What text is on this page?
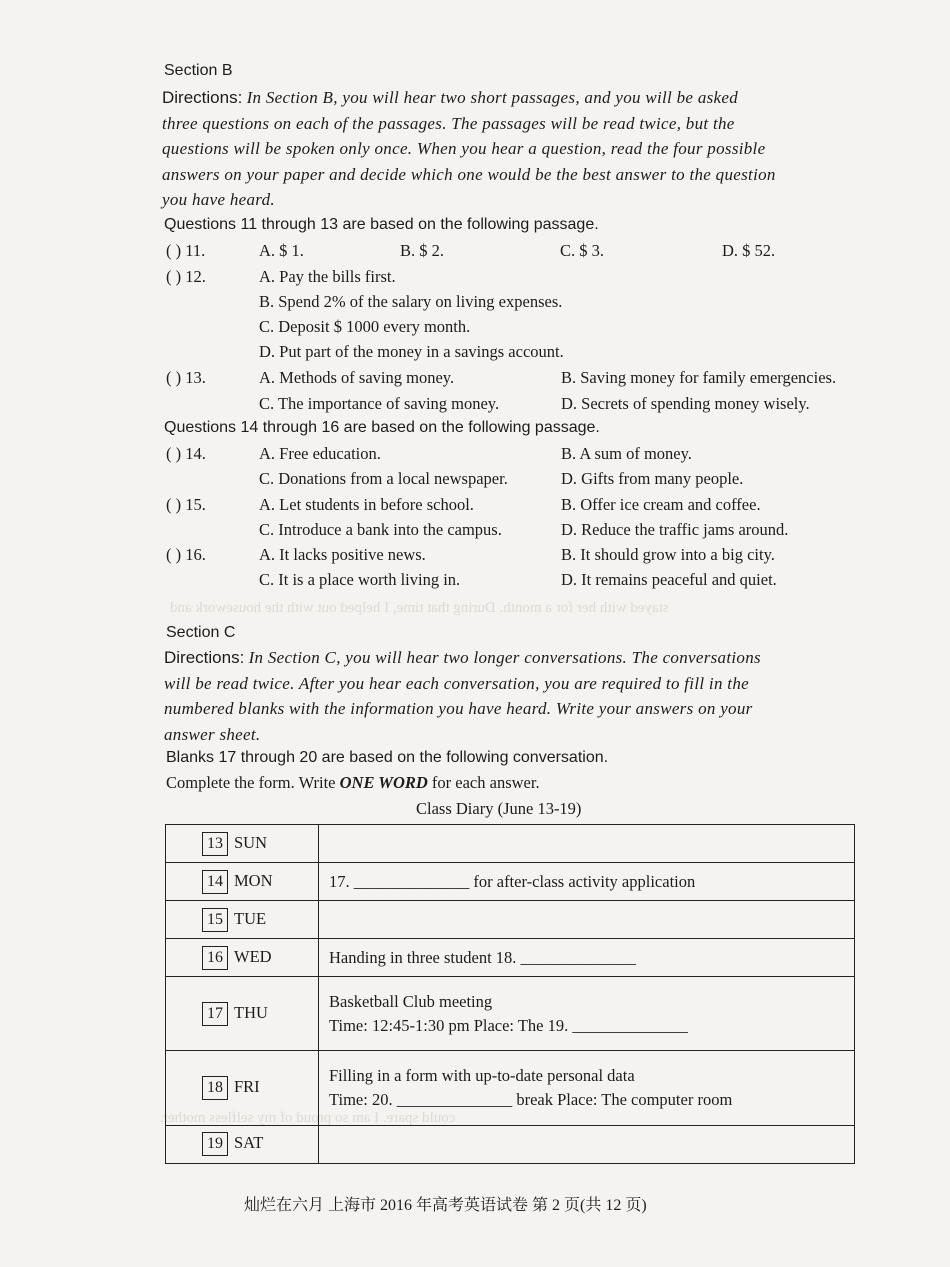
stayed with her for a month. During that time, I helped out with the housework and
could spare. I am so proud of my selfless mother.
Section B
Directions: In Section B, you will hear two short passages, and you will be asked
three questions on each of the passages. The passages will be read twice, but the
questions will be spoken only once. When you hear a question, read the four possible
answers on your paper and decide which one would be the best answer to the question
you have heard.
Questions 11 through 13 are based on the following passage.
( ) 11.	A. $ 1.	B. $ 2.	C. $ 3.	D. $ 52.
( ) 12.	A. Pay the bills first.
B. Spend 2% of the salary on living expenses.
C. Deposit $ 1000 every month.
D. Put part of the money in a savings account.
( ) 13.	A. Methods of saving money.	B. Saving money for family emergencies.
C. The importance of saving money.	D. Secrets of spending money wisely.
Questions 14 through 16 are based on the following passage.
( ) 14.	A. Free education.	B. A sum of money.
C. Donations from a local newspaper.	D. Gifts from many people.
( ) 15.	A. Let students in before school.	B. Offer ice cream and coffee.
C. Introduce a bank into the campus.	D. Reduce the traffic jams around.
( ) 16.	A. It lacks positive news.	B. It should grow into a big city.
C. It is a place worth living in.	D. It remains peaceful and quiet.
Section C
Directions: In Section C, you will hear two longer conversations. The conversations
will be read twice. After you hear each conversation, you are required to fill in the
numbered blanks with the information you have heard. Write your answers on your
answer sheet.
Blanks 17 through 20 are based on the following conversation.
Complete the form. Write ONE WORD for each answer.
Class Diary (June 13-19)
13 SUN	

14 MON	17. ______________ for after-class activity application

15 TUE	

16 WED	Handing in three student 18. ______________

17 THU	Basketball Club meeting
Time: 12:45-1:30 pm Place: The 19. ______________

18 FRI	Filling in a form with up-to-date personal data
Time: 20. ______________ break Place: The computer room

19 SAT	

灿烂在六月 上海市 2016 年高考英语试卷 第 2 页(共 12 页)
